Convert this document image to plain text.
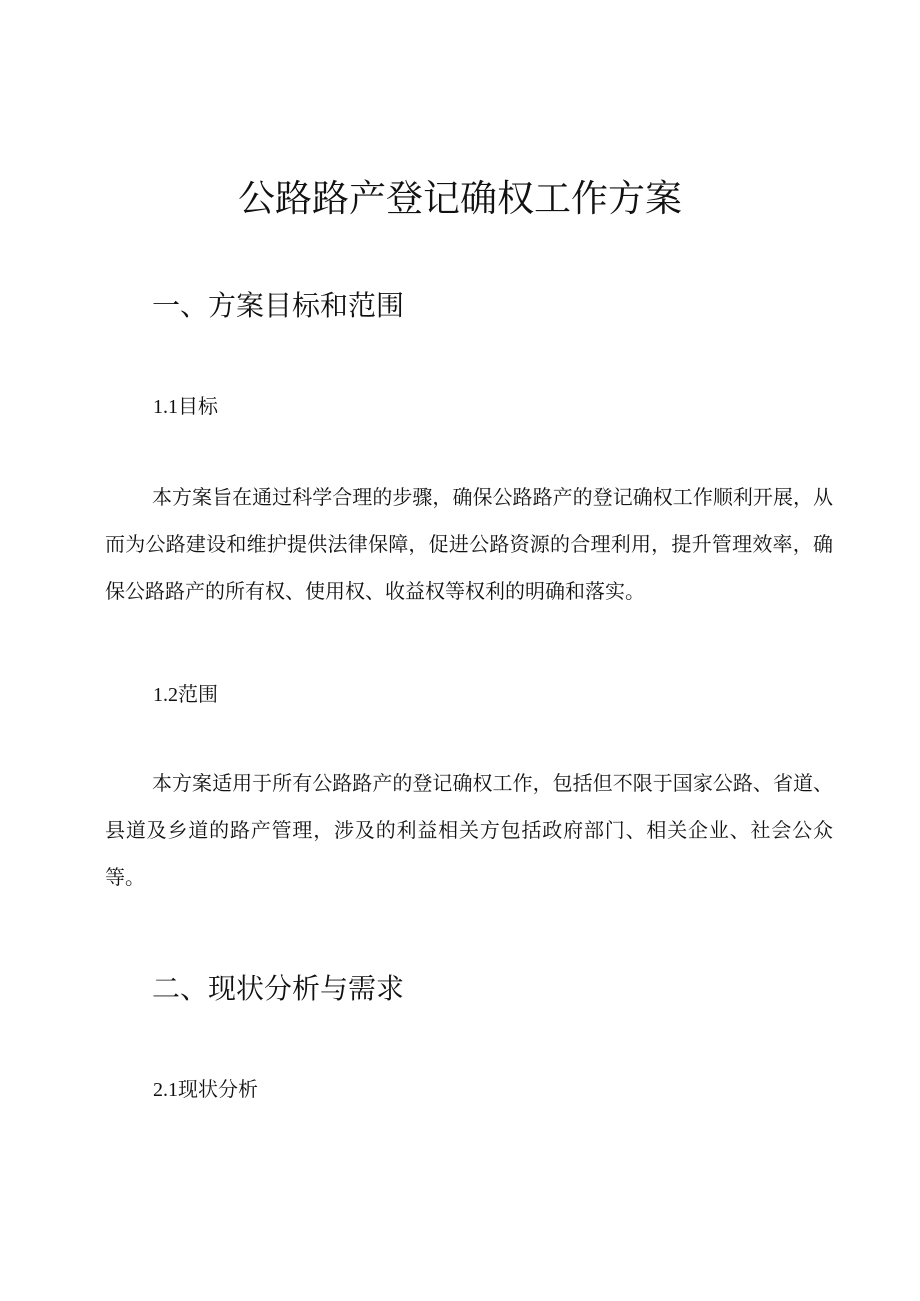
公路路产登记确权工作方案
一、方案目标和范围
1.1目标
本方案旨在通过科学合理的步骤，确保公路路产的登记确权工作顺利开展，从而为公路建设和维护提供法律保障，促进公路资源的合理利用，提升管理效率，确保公路路产的所有权、使用权、收益权等权利的明确和落实。
1.2范围
本方案适用于所有公路路产的登记确权工作，包括但不限于国家公路、省道、县道及乡道的路产管理，涉及的利益相关方包括政府部门、相关企业、社会公众等。
二、现状分析与需求
2.1现状分析
